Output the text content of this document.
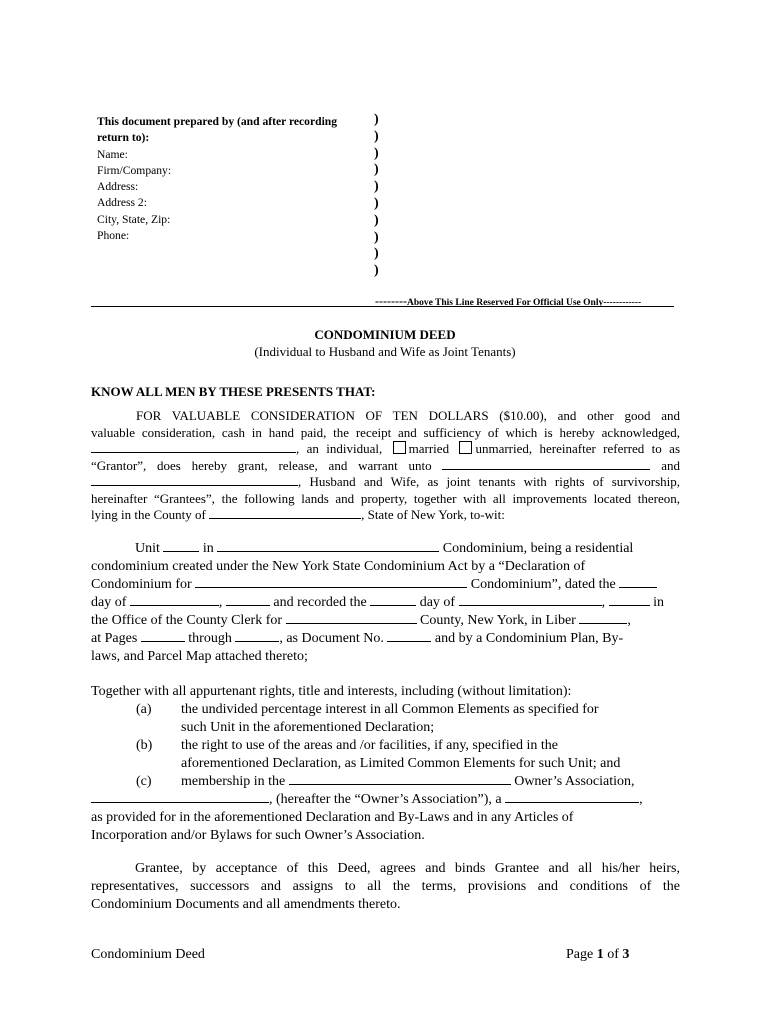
This document prepared by (and after recording
return to):
Name:
Firm/Company:
Address:
Address 2:
City, State, Zip:
Phone:
)
)
)
)
)
)
)
)
)
)
--------Above This Line Reserved For Official Use Only------------
CONDOMINIUM DEED
(Individual to Husband and Wife as Joint Tenants)
KNOW ALL MEN BY THESE PRESENTS THAT:
FOR VALUABLE CONSIDERATION OF TEN DOLLARS ($10.00), and other good and
valuable consideration, cash in hand paid, the receipt and sufficiency of which is hereby acknowledged,
, an individual, married unmarried, hereinafter referred to as
“Grantor”, does hereby grant, release, and warrant unto	and
, Husband and Wife, as joint tenants with rights of survivorship,
hereinafter “Grantees”, the following lands and property, together with all improvements located thereon,
lying in the County of	, State of New York, to-wit:
Unit	in	Condominium, being a residential
condominium created under the New York State Condominium Act by a “Declaration of
Condominium for	Condominium”, dated the
day of	,	and recorded the	day of	,	in
the Office of the County Clerk for	County, New York, in Liber	,
at Pages	through	, as Document No.	and by a Condominium Plan, By-
laws, and Parcel Map attached thereto;
Together with all appurtenant rights, title and interests, including (without limitation):
(a)	the undivided percentage interest in all Common Elements as specified for
such Unit in the aforementioned Declaration;
(b)	the right to use of the areas and /or facilities, if any, specified in the
aforementioned Declaration, as Limited Common Elements for such Unit; and
(c)	membership in the	Owner’s Association,
, (hereafter the “Owner’s Association”), a	,
as provided for in the aforementioned Declaration and By-Laws and in any Articles of
Incorporation and/or Bylaws for such Owner’s Association.
Grantee, by acceptance of this Deed, agrees and binds Grantee and all his/her heirs,
representatives, successors and assigns to all the terms, provisions and conditions of the
Condominium Documents and all amendments thereto.
Condominium Deed	Page 1 of 3
